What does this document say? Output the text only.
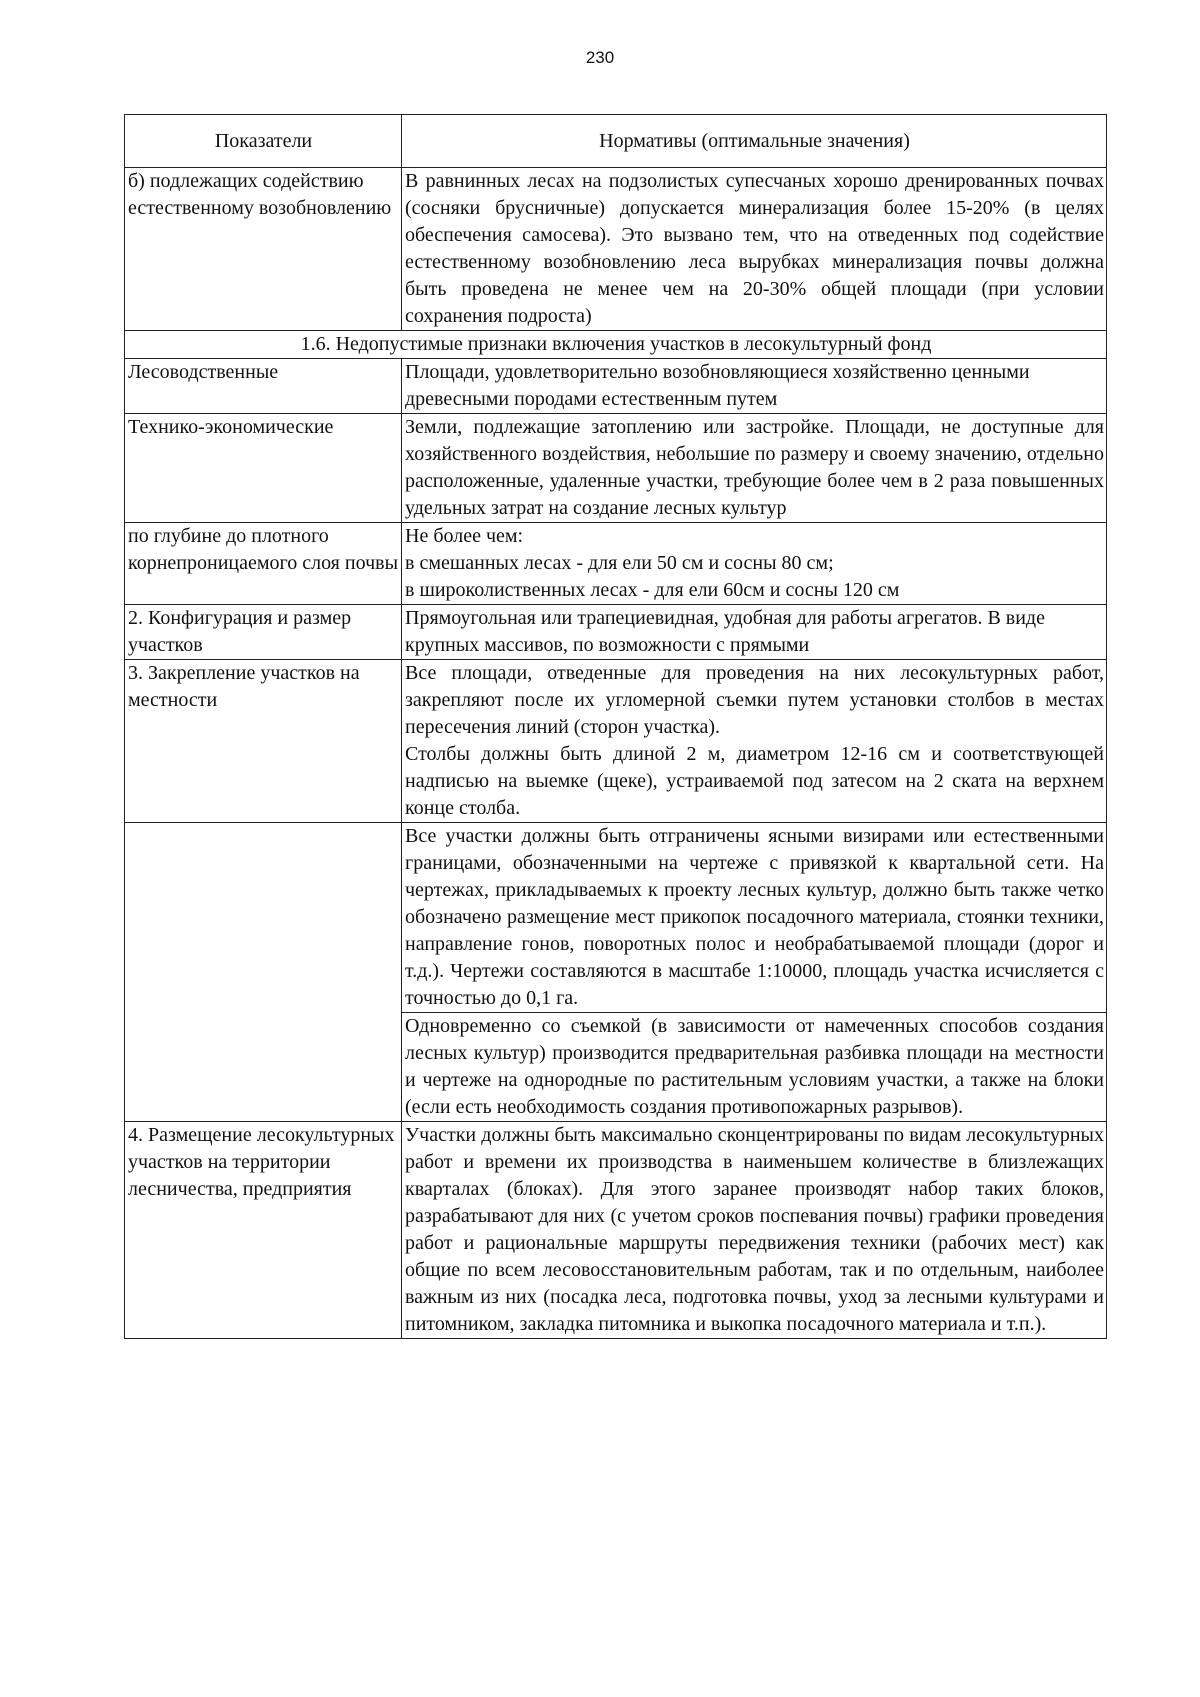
230
Показатели	Нормативы (оптимальные значения)
б) подлежащих содействию естественному возобновлению	В равнинных лесах на подзолистых супесчаных хорошо дренированных почвах (сосняки брусничные) допускается минерализация более 15-20% (в целях обеспечения самосева). Это вызвано тем, что на отведенных под содействие естественному возобновлению леса вырубках минерализация почвы должна быть проведена не менее чем на 20-30% общей площади (при условии сохранения подроста)
1.6. Недопустимые признаки включения участков в лесокультурный фонд	
Лесоводственные	Площади, удовлетворительно возобновляющиеся хозяйственно ценными древесными породами естественным путем
Технико-экономические	Земли, подлежащие затоплению или застройке. Площади, не доступные для хозяйственного воздействия, небольшие по размеру и своему значению, отдельно расположенные, удаленные участки, требующие более чем в 2 раза повышенных удельных затрат на создание лесных культур
по глубине до плотного корнепроницаемого слоя почвы	Не более чем:
в смешанных лесах - для ели 50 см и сосны 80 см;
в широколиственных лесах - для ели 60см и сосны 120 см

2. Конфигурация и размер участков	Прямоугольная или трапециевидная, удобная для работы агрегатов. В виде крупных массивов, по возможности с прямыми
3. Закрепление участков на местности	Все площади, отведенные для проведения на них лесокультурных работ, закрепляют после их угломерной съемки путем установки столбов в местах пересечения линий (сторон участка).
Столбы должны быть длиной 2 м, диаметром 12-16 см и соответствующей надписью на выемке (щеке), устраиваемой под затесом на 2 ската на верхнем конце столба.

	Все участки должны быть отграничены ясными визирами или естественными границами, обозначенными на чертеже с привязкой к квартальной сети. На чертежах, прикладываемых к проекту лесных культур, должно быть также четко обозначено размещение мест прикопок посадочного материала, стоянки техники, направление гонов, поворотных полос и необрабатываемой площади (дорог и т.д.). Чертежи составляются в масштабе 1:10000, площадь участка исчисляется с точностью до 0,1 га.
	Одновременно со съемкой (в зависимости от намеченных способов создания лесных культур) производится предварительная разбивка площади на местности и чертеже на однородные по растительным условиям участки, а также на блоки (если есть необходимость создания противопожарных разрывов).
4. Размещение лесокультурных участков на территории лесничества, предприятия	Участки должны быть максимально сконцентрированы по видам лесокультурных работ и времени их производства в наименьшем количестве в близлежащих кварталах (блоках). Для этого заранее производят набор таких блоков, разрабатывают для них (с учетом сроков поспевания почвы) графики проведения работ и рациональные маршруты передвижения техники (рабочих мест) как общие по всем лесовосстановительным работам, так и по отдельным, наиболее важным из них (посадка леса, подготовка почвы, уход за лесными культурами и питомником, закладка питомника и выкопка посадочного материала и т.п.).
